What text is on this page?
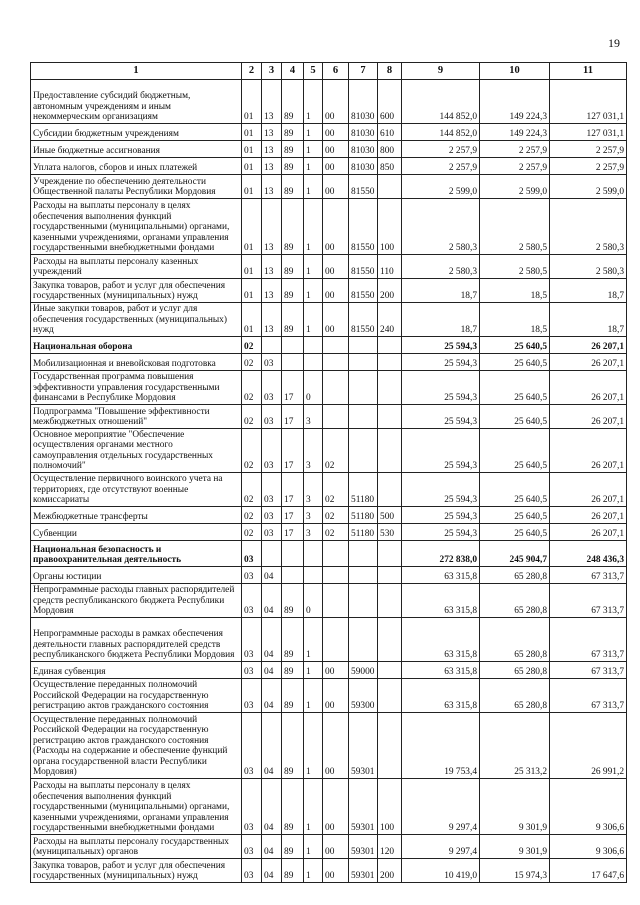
19
1	2	3	4	5	6	7	8	9	10	11
Предоставление субсидий бюджетным, автономным учреждениям и иным некоммерческим организациям	01	13	89	1	00	81030	600	144 852,0	149 224,3	127 031,1
Субсидии бюджетным учреждениям	01	13	89	1	00	81030	610	144 852,0	149 224,3	127 031,1
Иные бюджетные ассигнования	01	13	89	1	00	81030	800	2 257,9	2 257,9	2 257,9
Уплата налогов, сборов и иных платежей	01	13	89	1	00	81030	850	2 257,9	2 257,9	2 257,9
Учреждение по обеспечению деятельности Общественной палаты Республики Мордовия	01	13	89	1	00	81550		2 599,0	2 599,0	2 599,0
Расходы на выплаты персоналу в целях обеспечения выполнения функций государственными (муниципальными) органами, казенными учреждениями, органами управления государственными внебюджетными фондами	01	13	89	1	00	81550	100	2 580,3	2 580,5	2 580,3
Расходы на выплаты персоналу казенных учреждений	01	13	89	1	00	81550	110	2 580,3	2 580,5	2 580,3
Закупка товаров, работ и услуг для обеспечения государственных (муниципальных) нужд	01	13	89	1	00	81550	200	18,7	18,5	18,7
Иные закупки товаров, работ и услуг для обеспечения государственных (муниципальных) нужд	01	13	89	1	00	81550	240	18,7	18,5	18,7
Национальная оборона	02							25 594,3	25 640,5	26 207,1
Мобилизационная и вневойсковая подготовка	02	03						25 594,3	25 640,5	26 207,1
Государственная программа повышения эффективности управления государственными финансами в Республике Мордовия	02	03	17	0				25 594,3	25 640,5	26 207,1
Подпрограмма "Повышение эффективности межбюджетных отношений"	02	03	17	3				25 594,3	25 640,5	26 207,1
Основное мероприятие "Обеспечение осуществления органами местного самоуправления отдельных государственных полномочий"	02	03	17	3	02			25 594,3	25 640,5	26 207,1
Осуществление первичного воинского учета на территориях, где отсутствуют военные комиссариаты	02	03	17	3	02	51180		25 594,3	25 640,5	26 207,1
Межбюджетные трансферты	02	03	17	3	02	51180	500	25 594,3	25 640,5	26 207,1
Субвенции	02	03	17	3	02	51180	530	25 594,3	25 640,5	26 207,1
Национальная безопасность и правоохранительная деятельность	03							272 838,0	245 904,7	248 436,3
Органы юстиции	03	04						63 315,8	65 280,8	67 313,7
Непрограммные расходы главных распорядителей средств республиканского бюджета Республики Мордовия	03	04	89	0				63 315,8	65 280,8	67 313,7
Непрограммные расходы в рамках обеспечения деятельности главных распорядителей средств республиканского бюджета Республики Мордовия	03	04	89	1				63 315,8	65 280,8	67 313,7
Единая субвенция	03	04	89	1	00	59000		63 315,8	65 280,8	67 313,7
Осуществление переданных полномочий Российской Федерации на государственную регистрацию актов гражданского состояния	03	04	89	1	00	59300		63 315,8	65 280,8	67 313,7
Осуществление переданных полномочий Российской Федерации на государственную регистрацию актов гражданского состояния (Расходы на содержание и обеспечение функций органа государственной власти Республики Мордовия)	03	04	89	1	00	59301		19 753,4	25 313,2	26 991,2
Расходы на выплаты персоналу в целях обеспечения выполнения функций государственными (муниципальными) органами, казенными учреждениями, органами управления государственными внебюджетными фондами	03	04	89	1	00	59301	100	9 297,4	9 301,9	9 306,6
Расходы на выплаты персоналу государственных (муниципальных) органов	03	04	89	1	00	59301	120	9 297,4	9 301,9	9 306,6
Закупка товаров, работ и услуг для обеспечения государственных (муниципальных) нужд	03	04	89	1	00	59301	200	10 419,0	15 974,3	17 647,6
